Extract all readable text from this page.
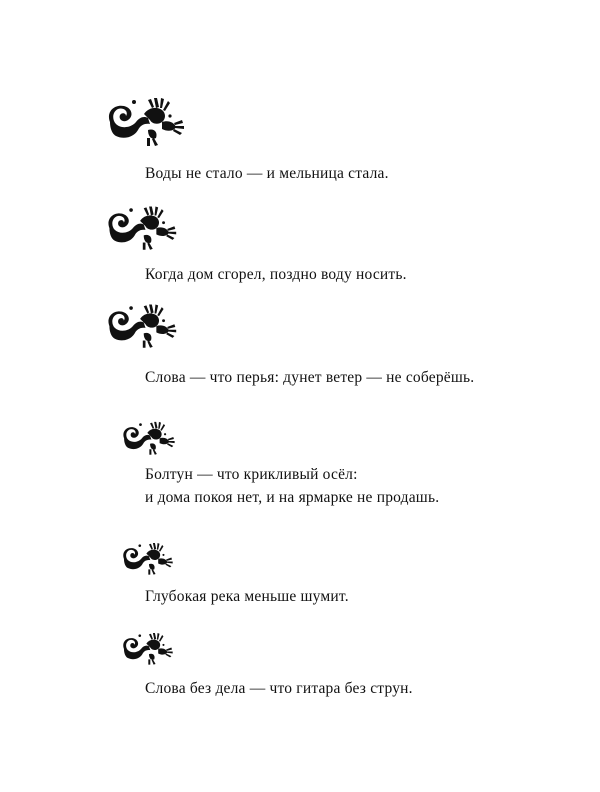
Воды не стало — и мельница стала.
Когда дом сгорел, поздно воду носить.
Слова — что перья: дунет ветер — не соберёшь.
Болтун — что крикливый осёл:
и дома покоя нет, и на ярмарке не продашь.
Глубокая река меньше шумит.
Слова без дела — что гитара без струн.
